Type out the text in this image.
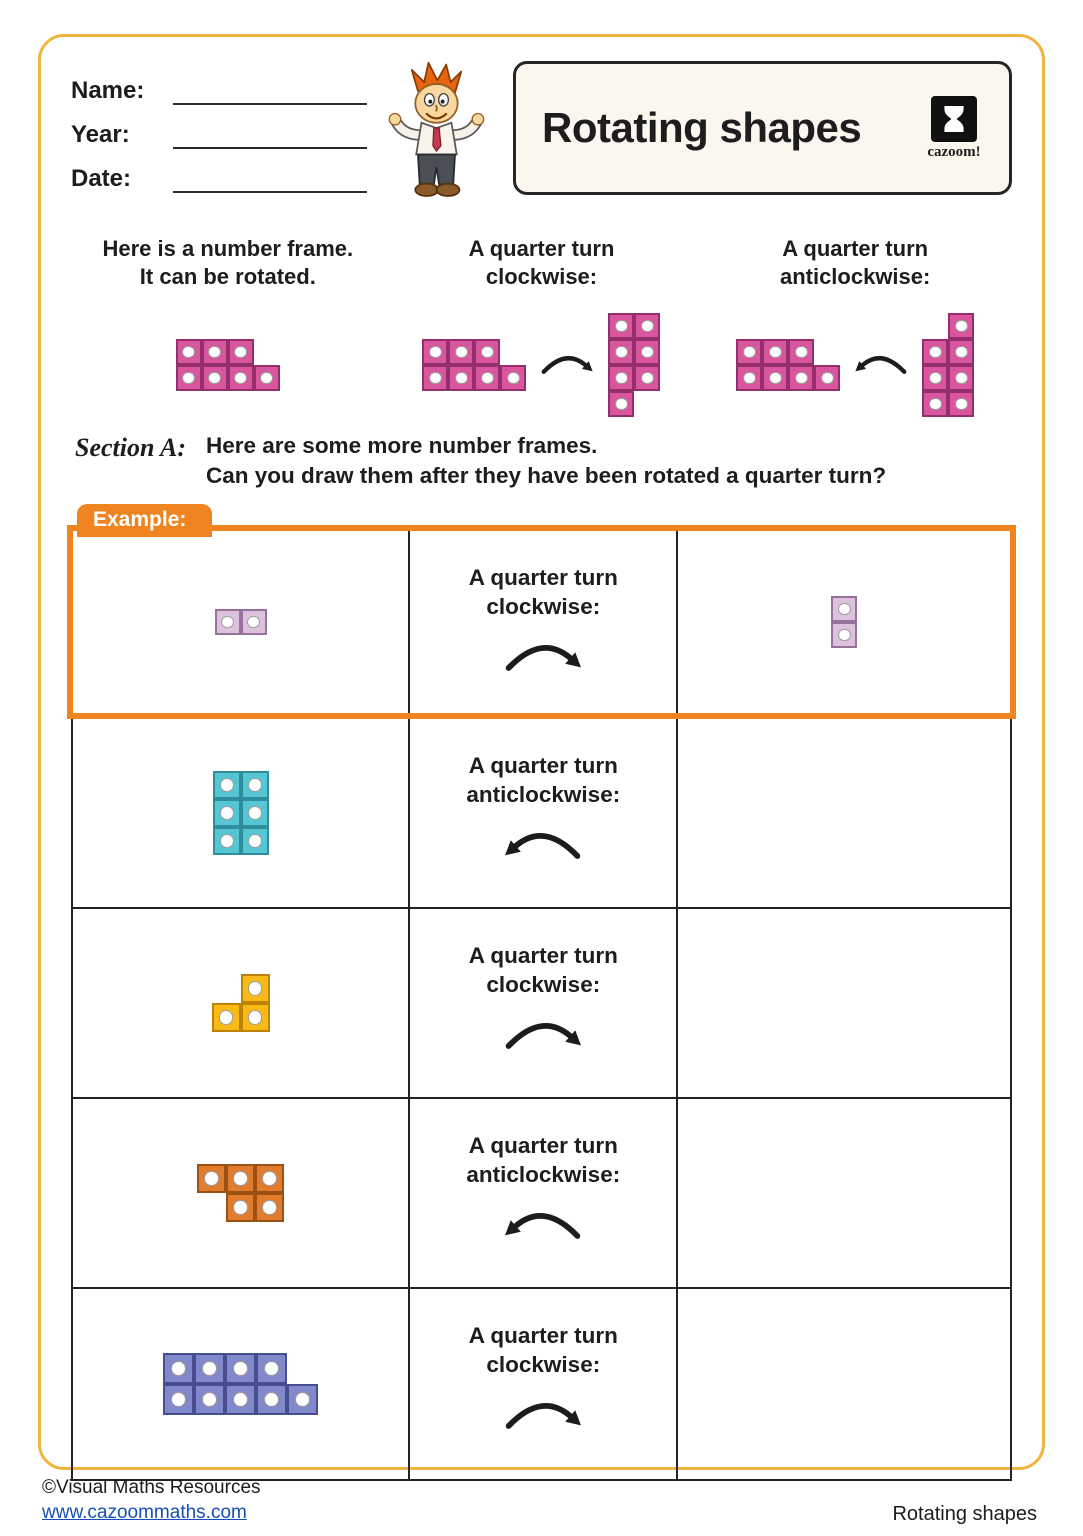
Name:
Year:
Date:
Rotating shapes
cazoom!
Here is a number frame.
It can be rotated.
A quarter turn
clockwise:
A quarter turn
anticlockwise:
Section A: Here are some more number frames.
Can you draw them after they have been rotated a quarter turn?
Example:
A quarter turn
clockwise:
A quarter turn
anticlockwise:
A quarter turn
clockwise:
A quarter turn
anticlockwise:
A quarter turn
clockwise:
©Visual Maths Resources
www.cazoommaths.com	Rotating shapes
